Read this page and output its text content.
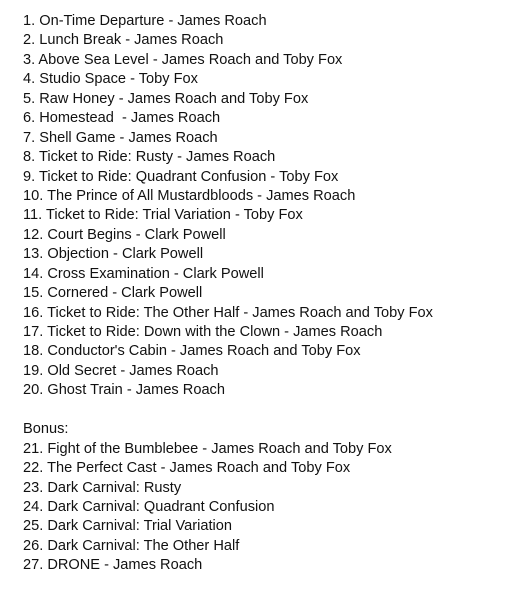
1. On-Time Departure - James Roach
2. Lunch Break - James Roach
3. Above Sea Level - James Roach and Toby Fox
4. Studio Space - Toby Fox
5. Raw Honey - James Roach and Toby Fox
6. Homestead  - James Roach
7. Shell Game - James Roach
8. Ticket to Ride: Rusty - James Roach
9. Ticket to Ride: Quadrant Confusion - Toby Fox
10. The Prince of All Mustardbloods - James Roach
11. Ticket to Ride: Trial Variation - Toby Fox
12. Court Begins - Clark Powell
13. Objection - Clark Powell
14. Cross Examination - Clark Powell
15. Cornered - Clark Powell
16. Ticket to Ride: The Other Half - James Roach and Toby Fox
17. Ticket to Ride: Down with the Clown - James Roach
18. Conductor's Cabin - James Roach and Toby Fox
19. Old Secret - James Roach
20. Ghost Train - James Roach
Bonus:
21. Fight of the Bumblebee - James Roach and Toby Fox
22. The Perfect Cast - James Roach and Toby Fox
23. Dark Carnival: Rusty
24. Dark Carnival: Quadrant Confusion
25. Dark Carnival: Trial Variation
26. Dark Carnival: The Other Half
27. DRONE - James Roach
